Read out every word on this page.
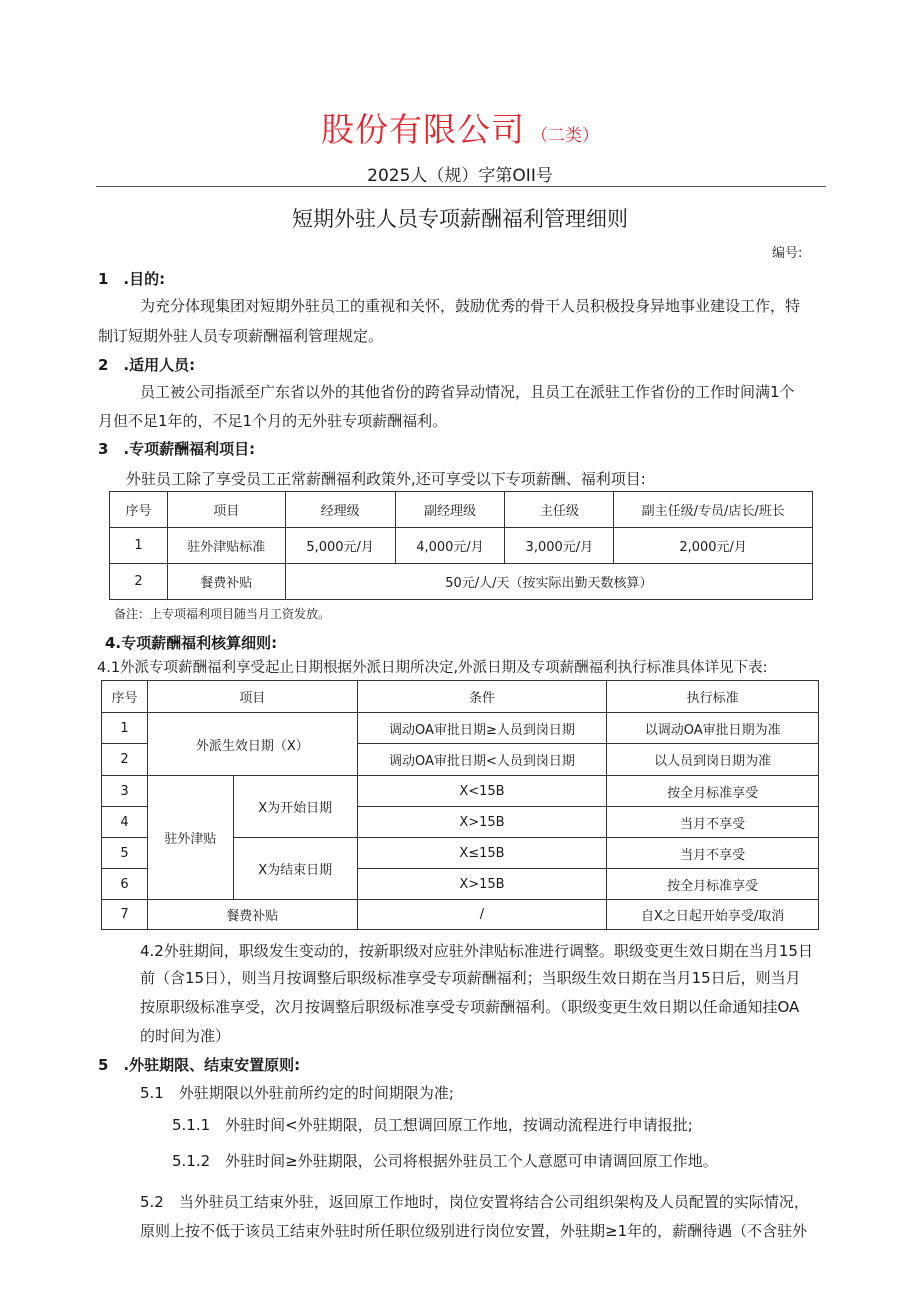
股份有限公司 （二类）
2025人（规）字第OII号
短期外驻人员专项薪酬福利管理细则
编号:
1　.目的:
为充分体现集团对短期外驻员工的重视和关怀，鼓励优秀的骨干人员积极投身异地事业建设工作，特
制订短期外驻人员专项薪酬福利管理规定。
2　.适用人员:
员工被公司指派至广东省以外的其他省份的跨省异动情况，且员工在派驻工作省份的工作时间满1个
月但不足1年的，不足1个月的无外驻专项薪酬福利。
3　.专项薪酬福利项目:
外驻员工除了享受员工正常薪酬福利政策外,还可享受以下专项薪酬、福利项目:
序号	项目	经理级	副经理级	主任级	副主任级/专员/店长/班长
1	驻外津贴标准	5,000元/月	4,000元/月	3,000元/月	2,000元/月
2	餐费补贴	50元/人/天（按实际出勤天数核算）			
备注：上专项福利项目随当月工资发放。
4.专项薪酬福利核算细则:
4.1外派专项薪酬福利享受起止日期根据外派日期所决定,外派日期及专项薪酬福利执行标准具体详见下表:
序号	项目		条件	执行标准
1	外派生效日期（X）		调动OA审批日期≥人员到岗日期	以调动OA审批日期为准
2			调动OA审批日期<人员到岗日期	以人员到岗日期为准
3	驻外津贴	X为开始日期	X<15B	按全月标准享受
4			X>15B	当月不享受
5		X为结束日期	X≤15B	当月不享受
6			X>15B	按全月标准享受
7	餐费补贴		/	自X之日起开始享受/取消
4.2外驻期间，职级发生变动的，按新职级对应驻外津贴标准进行调整。职级变更生效日期在当月15日
前（含15日），则当月按调整后职级标准享受专项薪酬福利；当职级生效日期在当月15日后，则当月
按原职级标准享受，次月按调整后职级标准享受专项薪酬福利。（职级变更生效日期以任命通知挂OA
的时间为准）
5　.外驻期限、结束安置原则:
5.1　外驻期限以外驻前所约定的时间期限为准;
5.1.1　外驻时间<外驻期限，员工想调回原工作地，按调动流程进行申请报批;
5.1.2　外驻时间≥外驻期限，公司将根据外驻员工个人意愿可申请调回原工作地。
5.2　当外驻员工结束外驻，返回原工作地时，岗位安置将结合公司组织架构及人员配置的实际情况，
原则上按不低于该员工结束外驻时所任职位级别进行岗位安置，外驻期≥1年的，薪酬待遇（不含驻外
